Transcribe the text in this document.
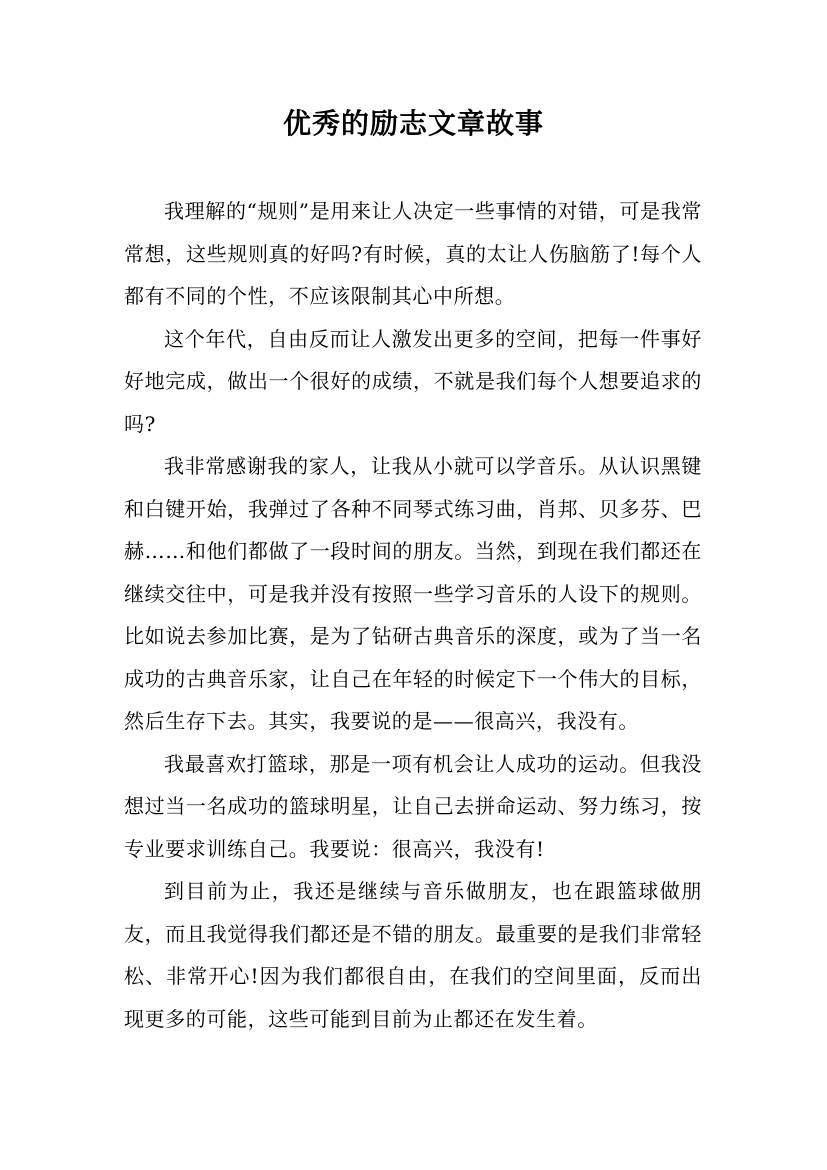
优秀的励志文章故事

我理解的“规则”是用来让人决定一些事情的对错，可是我常常想，这些规则真的好吗?有时候，真的太让人伤脑筋了!每个人都有不同的个性，不应该限制其心中所想。

这个年代，自由反而让人激发出更多的空间，把每一件事好好地完成，做出一个很好的成绩，不就是我们每个人想要追求的吗?

我非常感谢我的家人，让我从小就可以学音乐。从认识黑键和白键开始，我弹过了各种不同琴式练习曲，肖邦、贝多芬、巴赫……和他们都做了一段时间的朋友。当然，到现在我们都还在继续交往中，可是我并没有按照一些学习音乐的人设下的规则。比如说去参加比赛，是为了钻研古典音乐的深度，或为了当一名成功的古典音乐家，让自己在年轻的时候定下一个伟大的目标，然后生存下去。其实，我要说的是——很高兴，我没有。

我最喜欢打篮球，那是一项有机会让人成功的运动。但我没想过当一名成功的篮球明星，让自己去拼命运动、努力练习，按专业要求训练自己。我要说：很高兴，我没有!

到目前为止，我还是继续与音乐做朋友，也在跟篮球做朋友，而且我觉得我们都还是不错的朋友。最重要的是我们非常轻松、非常开心!因为我们都很自由，在我们的空间里面，反而出现更多的可能，这些可能到目前为止都还在发生着。
